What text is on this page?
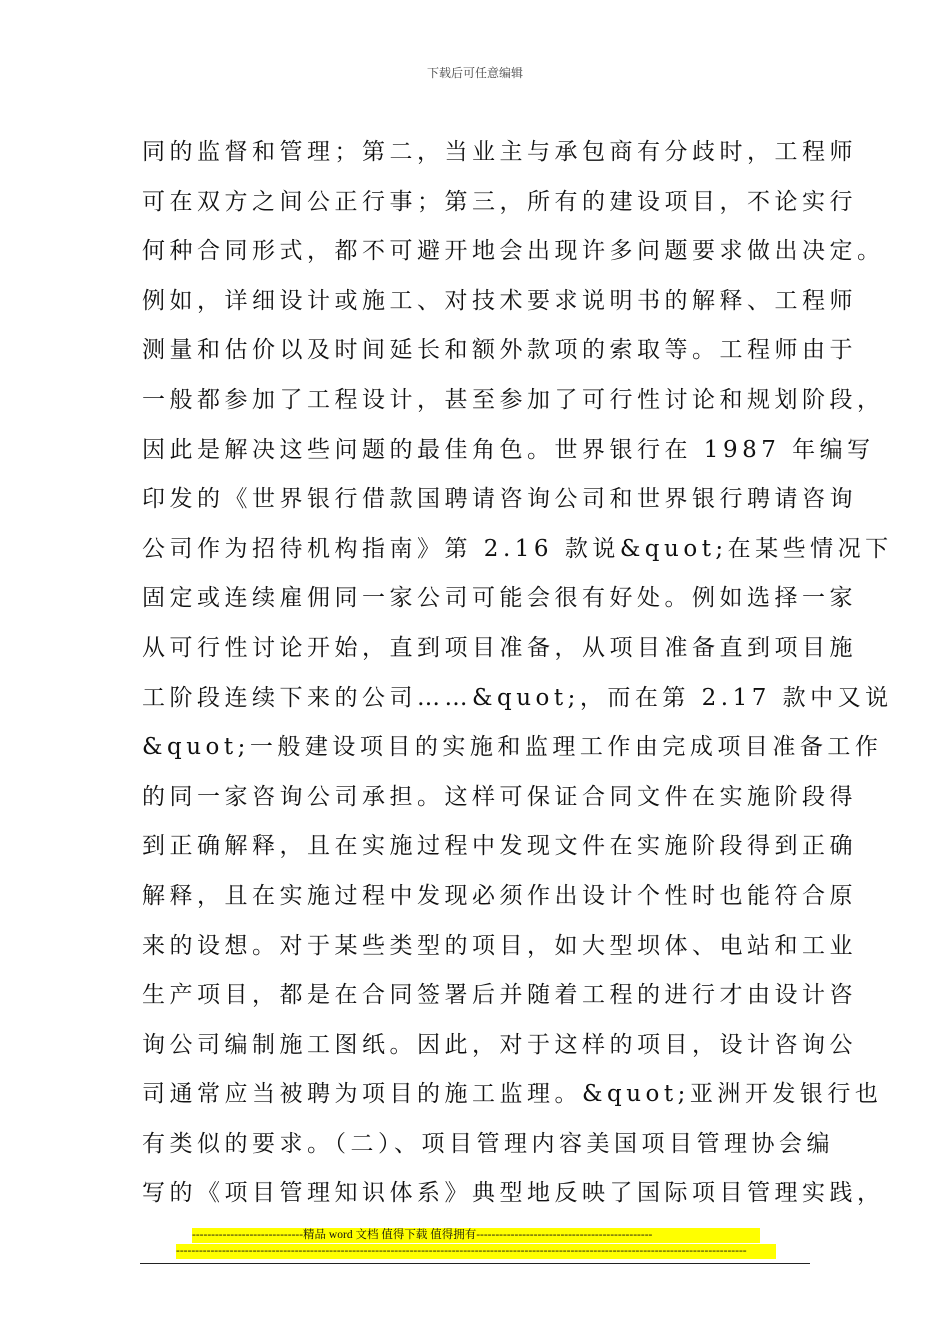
下载后可任意编辑
同的监督和管理；第二，当业主与承包商有分歧时，工程师
可在双方之间公正行事；第三，所有的建设项目，不论实行
何种合同形式，都不可避开地会出现许多问题要求做出决定。
例如，详细设计或施工、对技术要求说明书的解释、工程师
测量和估价以及时间延长和额外款项的索取等。工程师由于
一般都参加了工程设计，甚至参加了可行性讨论和规划阶段，
因此是解决这些问题的最佳角色。世界银行在 1987 年编写
印发的《世界银行借款国聘请咨询公司和世界银行聘请咨询
公司作为招待机构指南》第 2.16 款说&quot;在某些情况下
固定或连续雇佣同一家公司可能会很有好处。例如选择一家
从可行性讨论开始，直到项目准备，从项目准备直到项目施
工阶段连续下来的公司……&quot;，而在第 2.17 款中又说
&quot;一般建设项目的实施和监理工作由完成项目准备工作
的同一家咨询公司承担。这样可保证合同文件在实施阶段得
到正确解释，且在实施过程中发现文件在实施阶段得到正确
解释，且在实施过程中发现必须作出设计个性时也能符合原
来的设想。对于某些类型的项目，如大型坝体、电站和工业
生产项目，都是在合同签署后并随着工程的进行才由设计咨
询公司编制施工图纸。因此，对于这样的项目，设计咨询公
司通常应当被聘为项目的施工监理。&quot;亚洲开发银行也
有类似的要求。（二）、项目管理内容美国项目管理协会编
写的《项目管理知识体系》典型地反映了国际项目管理实践，
-----------------------------精品 word 文档 值得下载 值得拥有----------------------------------------------
-----------------------------------------------------------------------------------------------------------------------------------------------------
